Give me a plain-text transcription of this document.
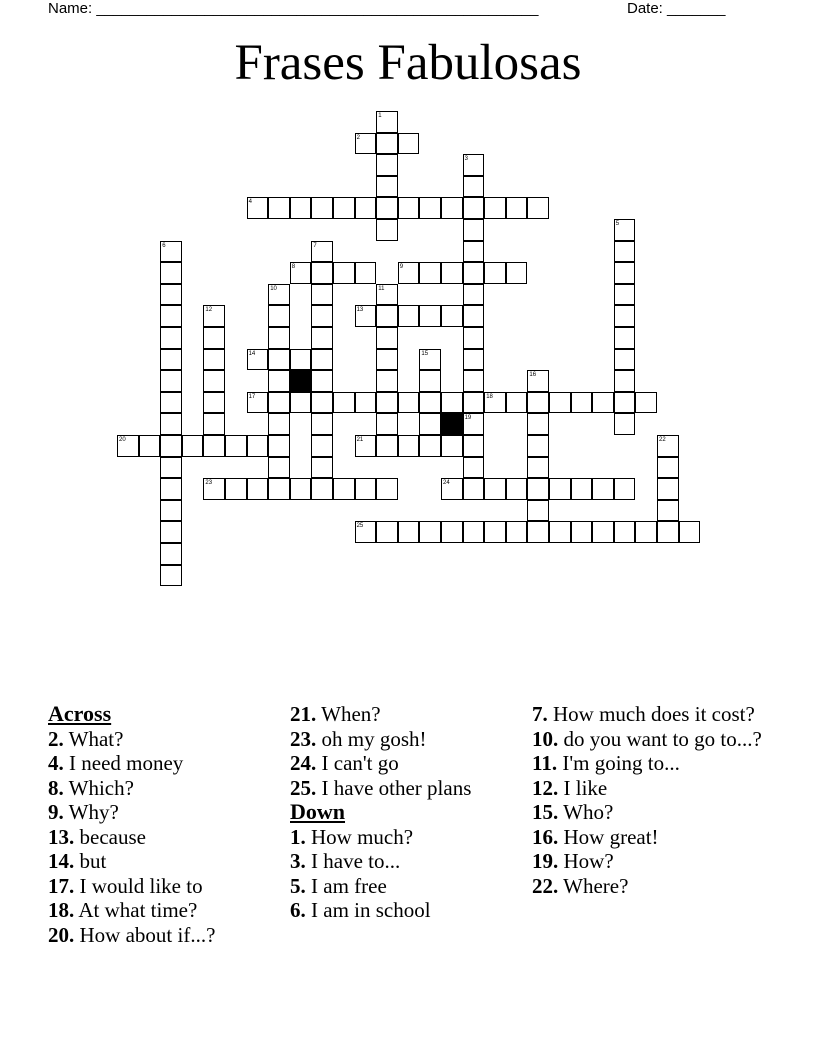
Name: _____________________________________________________	Date: _______
Frases Fabulosas
1
2
3
4
5
6	7
8	9
10	11
12	13
14	15
16
17	18
19
20	21	22
23	24
25
Across
2. What?
4. I need money
8. Which?
9. Why?
13. because
14. but
17. I would like to
18. At what time?
20. How about if...?
21. When?
23. oh my gosh!
24. I can't go
25. I have other plans
Down
1. How much?
3. I have to...
5. I am free
6. I am in school
7. How much does it cost?
10. do you want to go to...?
11. I'm going to...
12. I like
15. Who?
16. How great!
19. How?
22. Where?
